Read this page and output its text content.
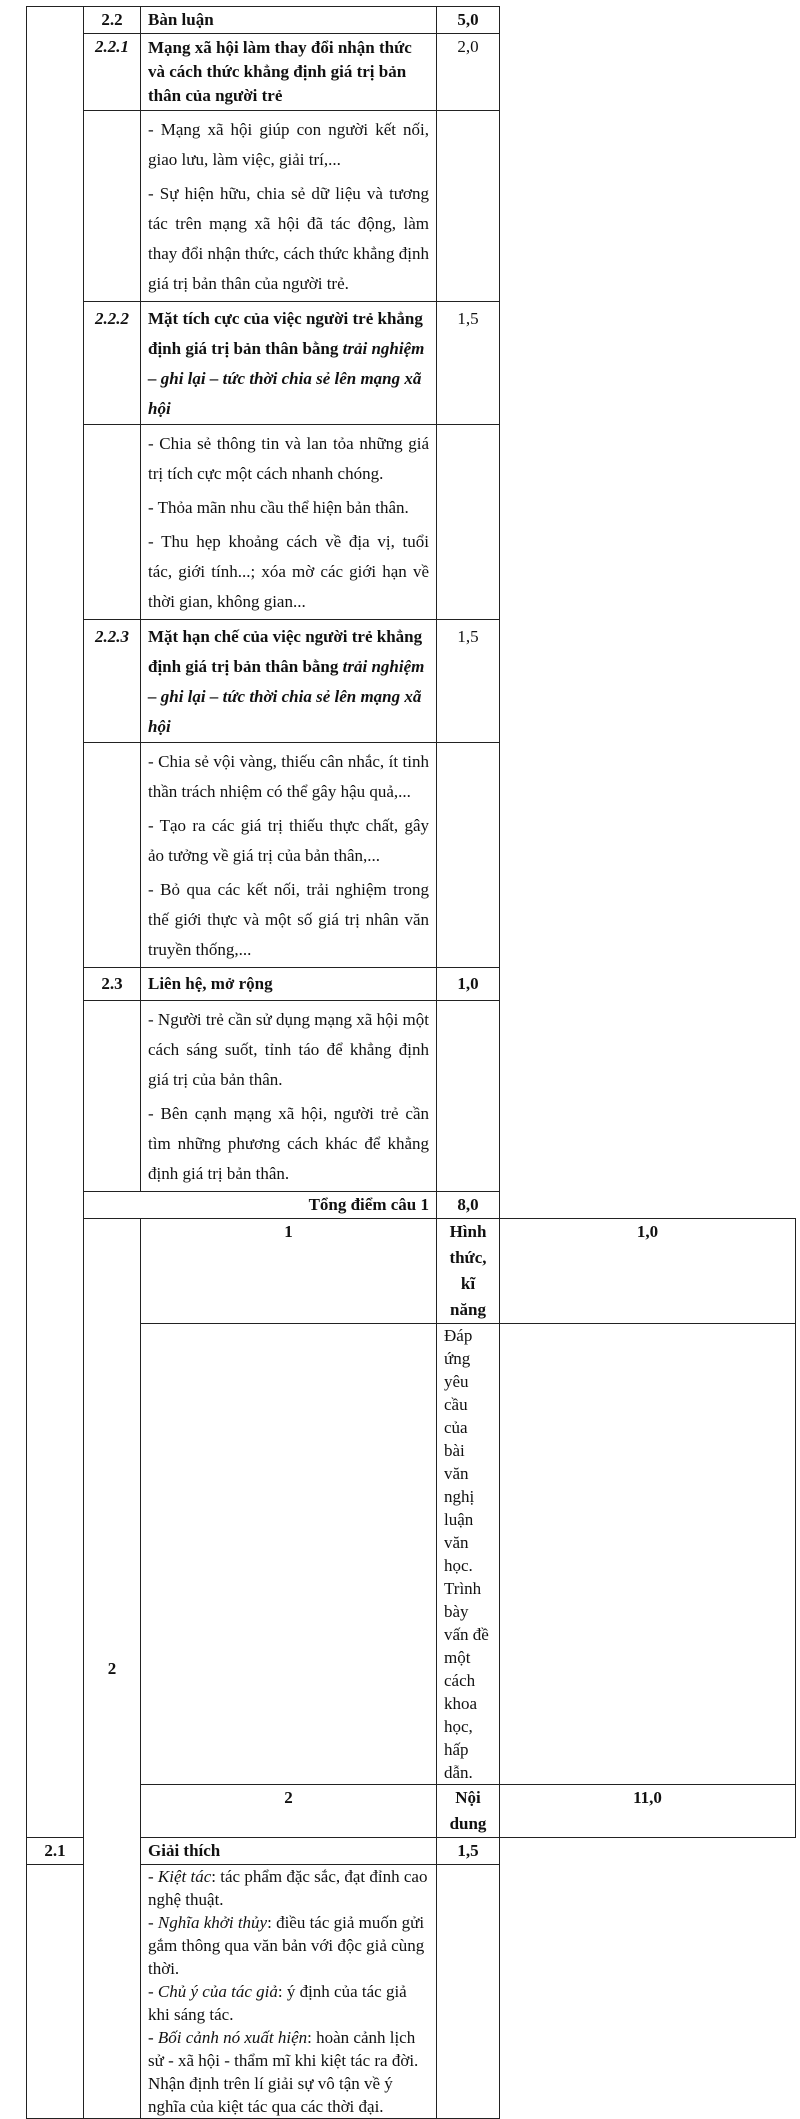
	2.2	Bàn luận	5,0	
	2.2.1	Mạng xã hội làm thay đổi nhận thức và cách thức khẳng định giá trị bản thân của người trẻ	2,0	

		- Mạng xã hội giúp con người kết nối, giao lưu, làm việc, giải trí,...

- Sự hiện hữu, chia sẻ dữ liệu và tương tác trên mạng xã hội đã tác động, làm thay đổi nhận thức, cách thức khẳng định giá trị bản thân của người trẻ.		

	2.2.2	Mặt tích cực của việc người trẻ khẳng định giá trị bản thân bằng trải nghiệm – ghi lại – tức thời chia sẻ lên mạng xã hội	1,5	

		- Chia sẻ thông tin và lan tỏa những giá trị tích cực một cách nhanh chóng.

- Thỏa mãn nhu cầu thể hiện bản thân.

- Thu hẹp khoảng cách về địa vị, tuổi tác, giới tính...; xóa mờ các giới hạn về thời gian, không gian...		

	2.2.3	Mặt hạn chế của việc người trẻ khẳng định giá trị bản thân bằng trải nghiệm – ghi lại – tức thời chia sẻ lên mạng xã hội	1,5	

		- Chia sẻ vội vàng, thiếu cân nhắc, ít tinh thần trách nhiệm có thể gây hậu quả,...

- Tạo ra các giá trị thiếu thực chất, gây ảo tưởng về giá trị của bản thân,...

- Bỏ qua các kết nối, trải nghiệm trong thế giới thực và một số giá trị nhân văn truyền thống,...		

	2.3	Liên hệ, mở rộng	1,0	

		- Người trẻ cần sử dụng mạng xã hội một cách sáng suốt, tỉnh táo để khẳng định giá trị của bản thân.

- Bên cạnh mạng xã hội, người trẻ cần tìm những phương cách khác để khẳng định giá trị bản thân.		

		Tổng điểm câu 1	8,0	
	2	1	Hình thức, kĩ năng	1,0

			Đáp ứng yêu cầu của bài văn nghị luận văn học.

Trình bày vấn đề một cách khoa học, hấp dẫn.	

		2	Nội dung	11,0
2.1		Giải thích	1,5	

		- Kiệt tác: tác phẩm đặc sắc, đạt đỉnh cao nghệ thuật.

- Nghĩa khởi thủy: điều tác giả muốn gửi gắm thông qua văn bản với độc giả cùng thời.

- Chủ ý của tác giả: ý định của tác giả khi sáng tác.

- Bối cảnh nó xuất hiện: hoàn cảnh lịch sử - xã hội - thẩm mĩ khi kiệt tác ra đời.

Nhận định trên lí giải sự vô tận về ý nghĩa của kiệt tác qua các thời đại.		
